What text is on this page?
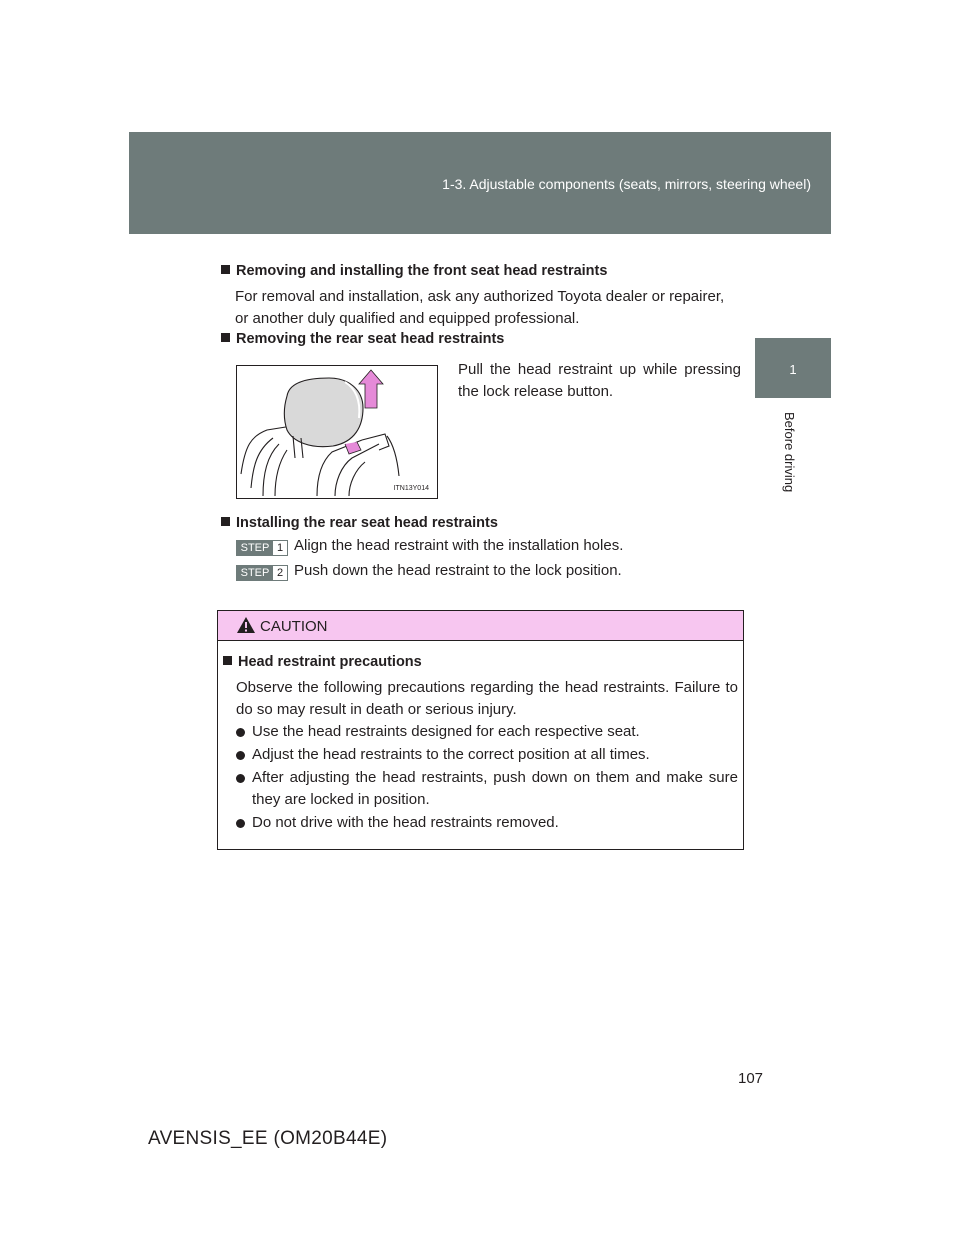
1-3. Adjustable components (seats, mirrors, steering wheel)
1
Before driving
Removing and installing the front seat head restraints

For removal and installation, ask any authorized Toyota dealer or repairer, or another duly qualified and equipped professional.

Removing the rear seat head restraints
ITN13Y014

Pull the head restraint up while pressing the lock release button.

Installing the rear seat head restraints
STEP 1 Align the head restraint with the installation holes.
STEP 2 Push down the head restraint to the lock position.
CAUTION
Head restraint precautions

Observe the following precautions regarding the head restraints. Failure to do so may result in death or serious injury.

Use the head restraints designed for each respective seat.
Adjust the head restraints to the correct position at all times.
After adjusting the head restraints, push down on them and make sure they are locked in position.
Do not drive with the head restraints removed.
107
AVENSIS_EE (OM20B44E)
